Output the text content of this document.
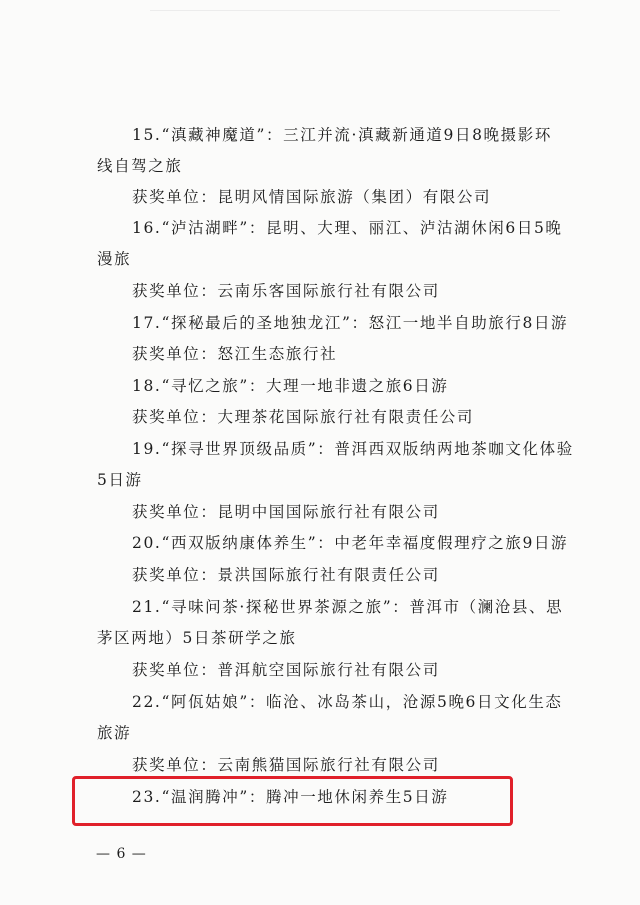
15.“滇藏神魔道”：三江并流·滇藏新通道9日8晚摄影环
线自驾之旅
获奖单位：昆明风情国际旅游（集团）有限公司
16.“泸沽湖畔”：昆明、大理、丽江、泸沽湖休闲6日5晚
漫旅
获奖单位：云南乐客国际旅行社有限公司
17.“探秘最后的圣地独龙江”：怒江一地半自助旅行8日游
获奖单位：怒江生态旅行社
18.“寻忆之旅”：大理一地非遗之旅6日游
获奖单位：大理茶花国际旅行社有限责任公司
19.“探寻世界顶级品质”：普洱西双版纳两地茶咖文化体验
5日游
获奖单位：昆明中国国际旅行社有限公司
20.“西双版纳康体养生”：中老年幸福度假理疗之旅9日游
获奖单位：景洪国际旅行社有限责任公司
21.“寻味问茶·探秘世界茶源之旅”：普洱市（澜沧县、思
茅区两地）5日茶研学之旅
获奖单位：普洱航空国际旅行社有限公司
22.“阿佤姑娘”：临沧、冰岛茶山，沧源5晚6日文化生态
旅游
获奖单位：云南熊猫国际旅行社有限公司
23.“温润腾冲”：腾冲一地休闲养生5日游
— 6 —
